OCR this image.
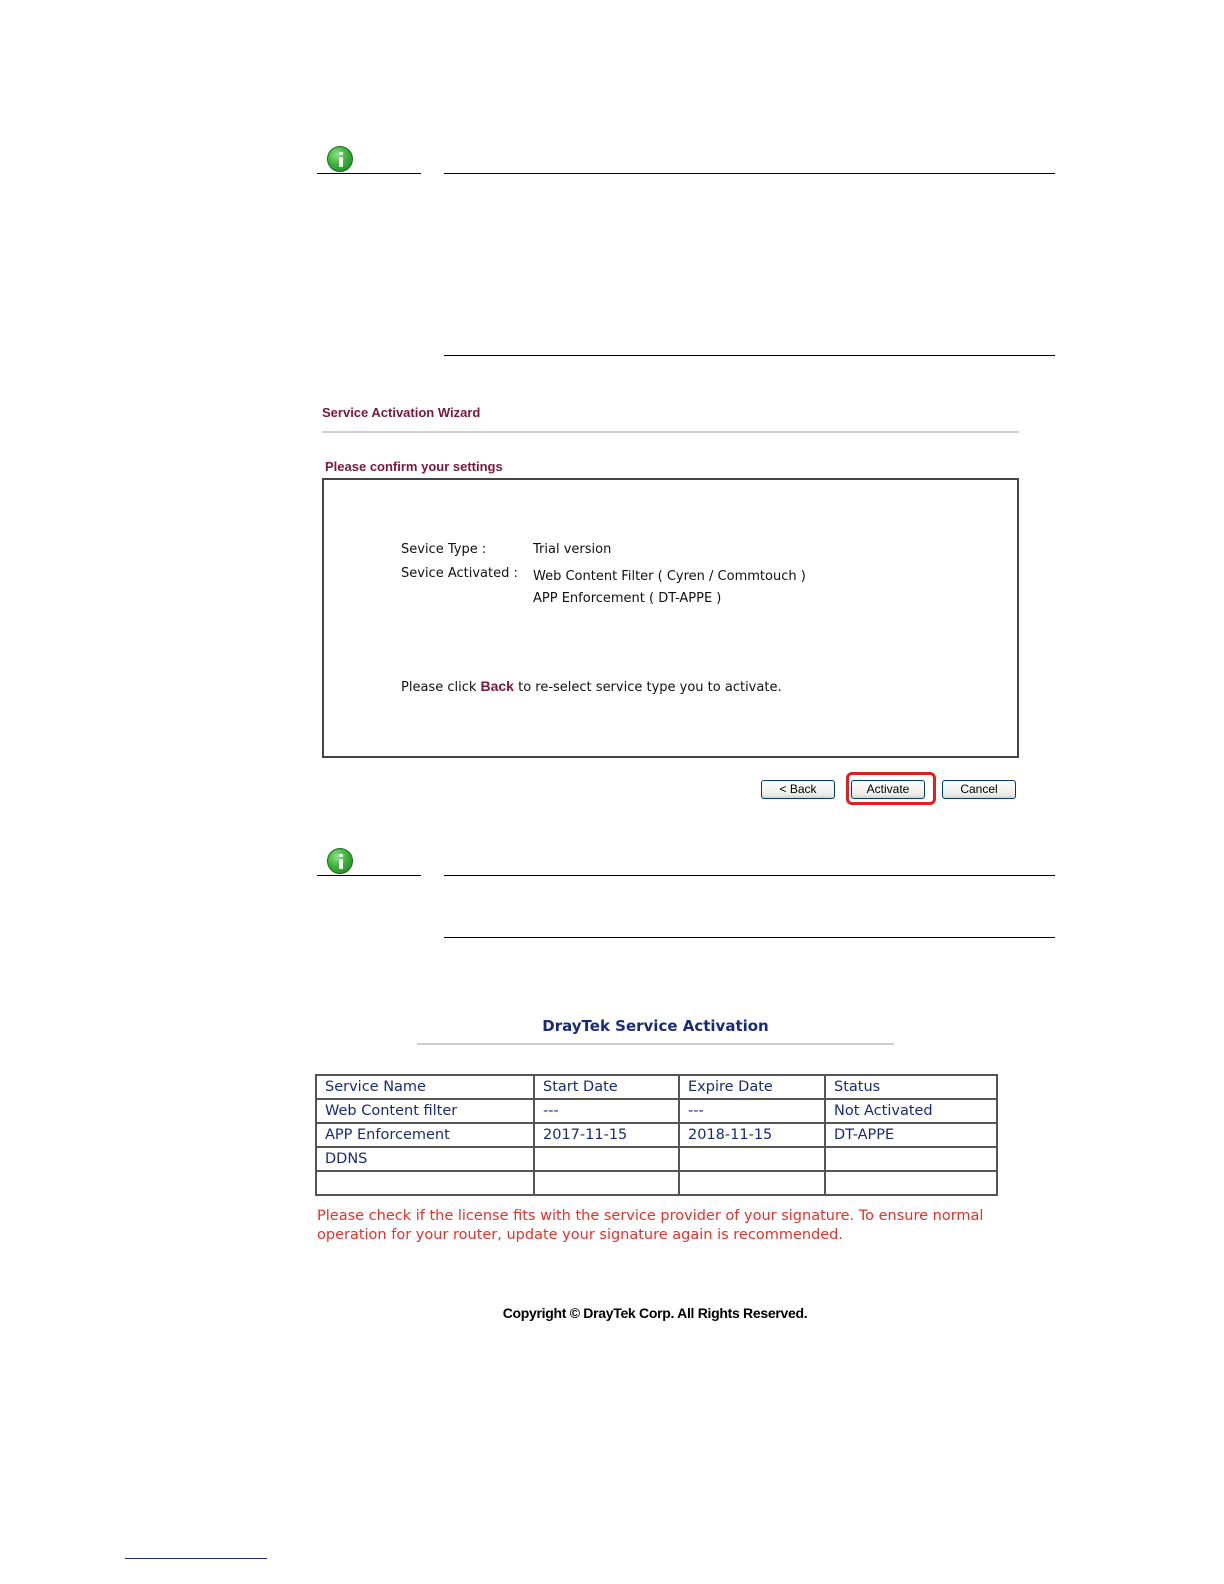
Service Activation Wizard
Please confirm your settings
Sevice Type :	Trial version
Sevice Activated : Web Content Filter ( Cyren / Commtouch )
APP Enforcement ( DT-APPE )
Please click Back to re-select service type you to activate.
< Back	Activate	Cancel
DrayTek Service Activation
Service Name	Start Date	Expire Date	Status
Web Content filter	---	---	Not Activated
APP Enforcement	2017-11-15	2018-11-15	DT-APPE
DDNS			

Please check if the license fits with the service provider of your signature. To ensure normal operation for your router, update your signature again is recommended.
Copyright © DrayTek Corp. All Rights Reserved.
